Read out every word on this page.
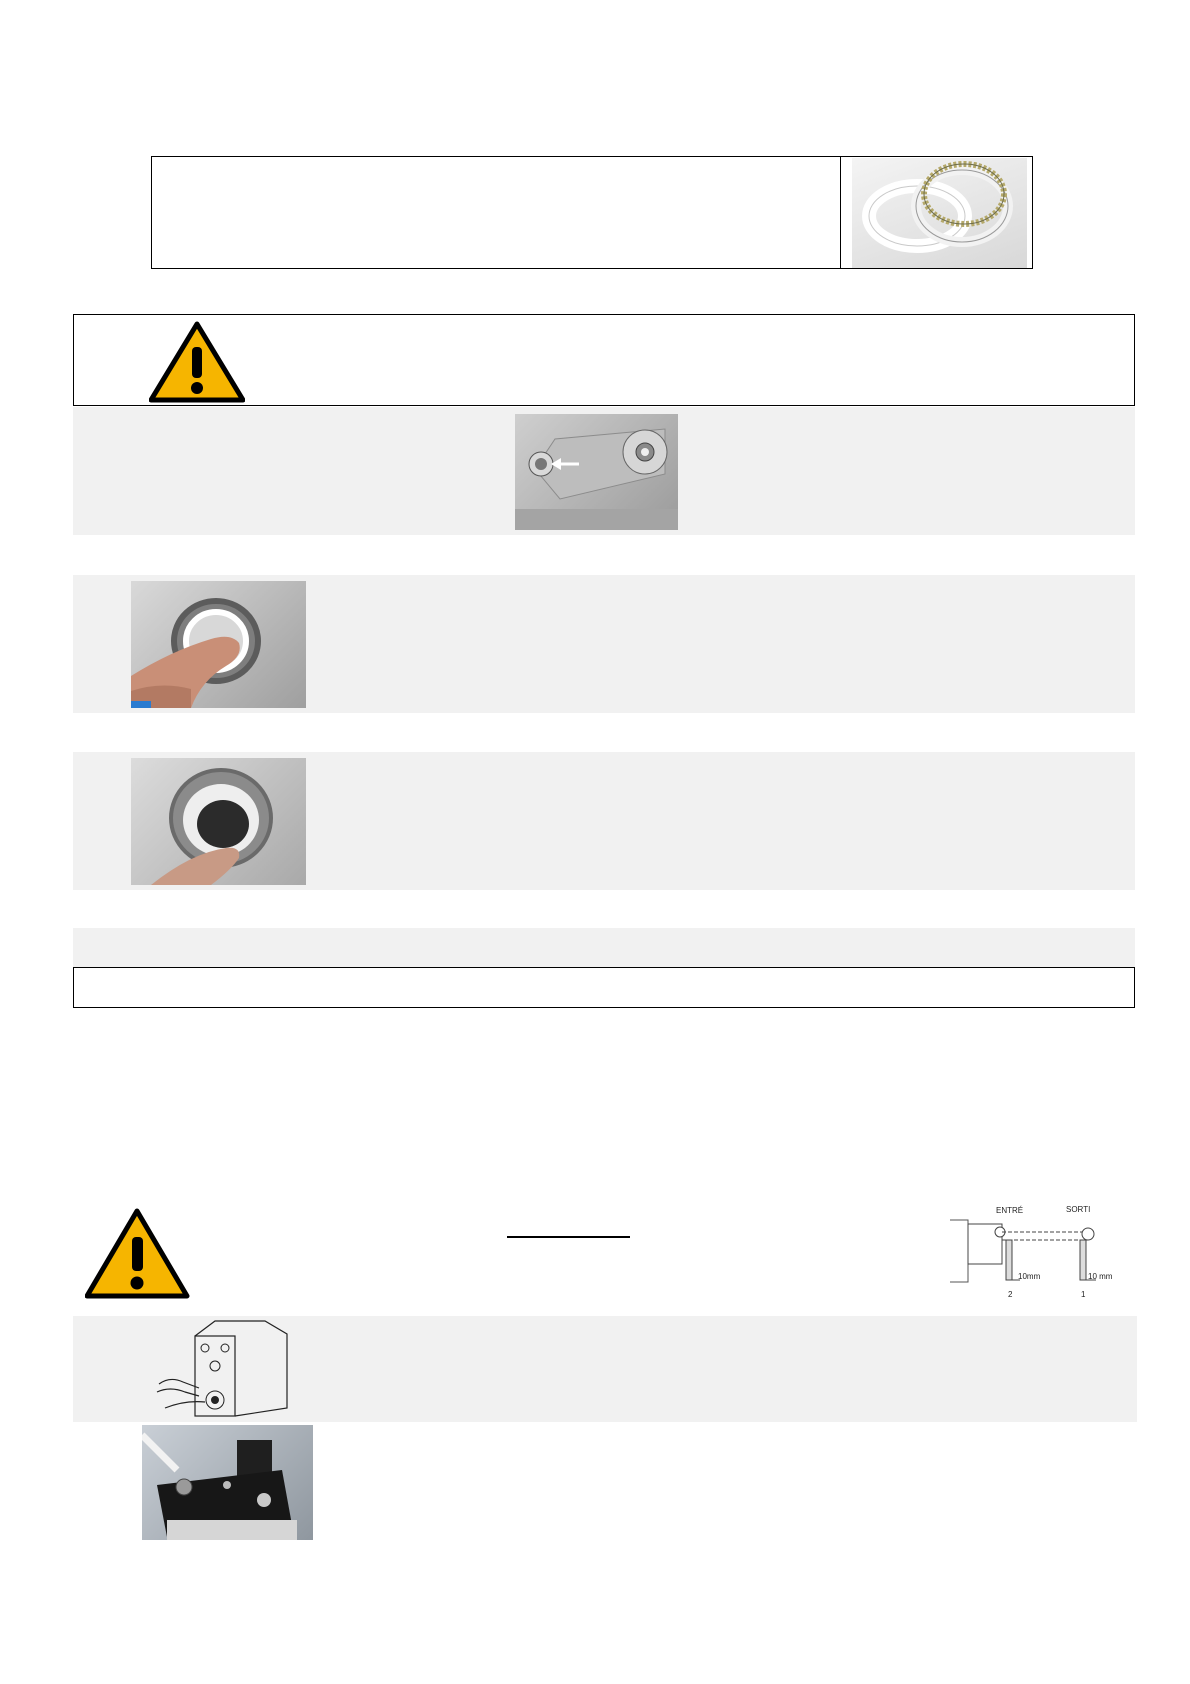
ENTRÉ	SORTI
10mm	10 mm
2	1
